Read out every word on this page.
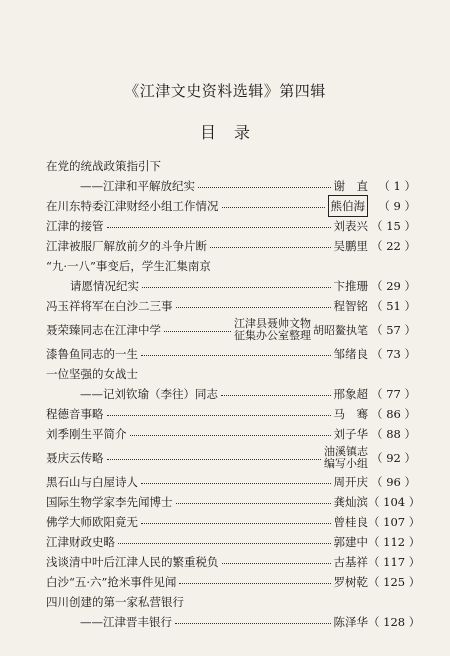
《江津文史资料选辑》第四辑
目录
在党的统战政策指引下
——江津和平解放纪实	谢　直 （ 1 ）
在川东特委江津财经小组工作情况	熊伯海	（ 9 ）
江津的接管	刘表兴 （ 15 ）
江津被服厂解放前夕的斗争片断	吴鹏里 （ 22 ）
“九·一八”事变后，学生汇集南京
请愿情况纪实	卞推珊 （ 29 ）
冯玉祥将军在白沙二三事	程智铭 （ 51 ）
聂荣臻同志在江津中学	江津县聂帅文物
征集办公室整理 胡昭鳌执笔 （ 57 ）
漆鲁鱼同志的一生	邹绪良 （ 73 ）
一位坚强的女战士
——记刘钦瑜（李往）同志	邢象超 （ 77 ）
程德音事略	马　骞 （ 86 ）
刘季刚生平简介	刘子华 （ 88 ）
聂庆云传略	油溪镇志
编写小组 （ 92 ）
黑石山与白屋诗人	周开庆 （ 96 ）
国际生物学家李先闻博士	龚灿滨 （ 104 ）
佛学大师欧阳竟无	曾桂良 （ 107 ）
江津财政史略	郭建中 （ 112 ）
浅谈清中叶后江津人民的繁重税负	古基祥 （ 117 ）
白沙“五·六”抢米事件见闻	罗树乾 （ 125 ）
四川创建的第一家私营银行
——江津晋丰银行	陈泽华 （ 128 ）
